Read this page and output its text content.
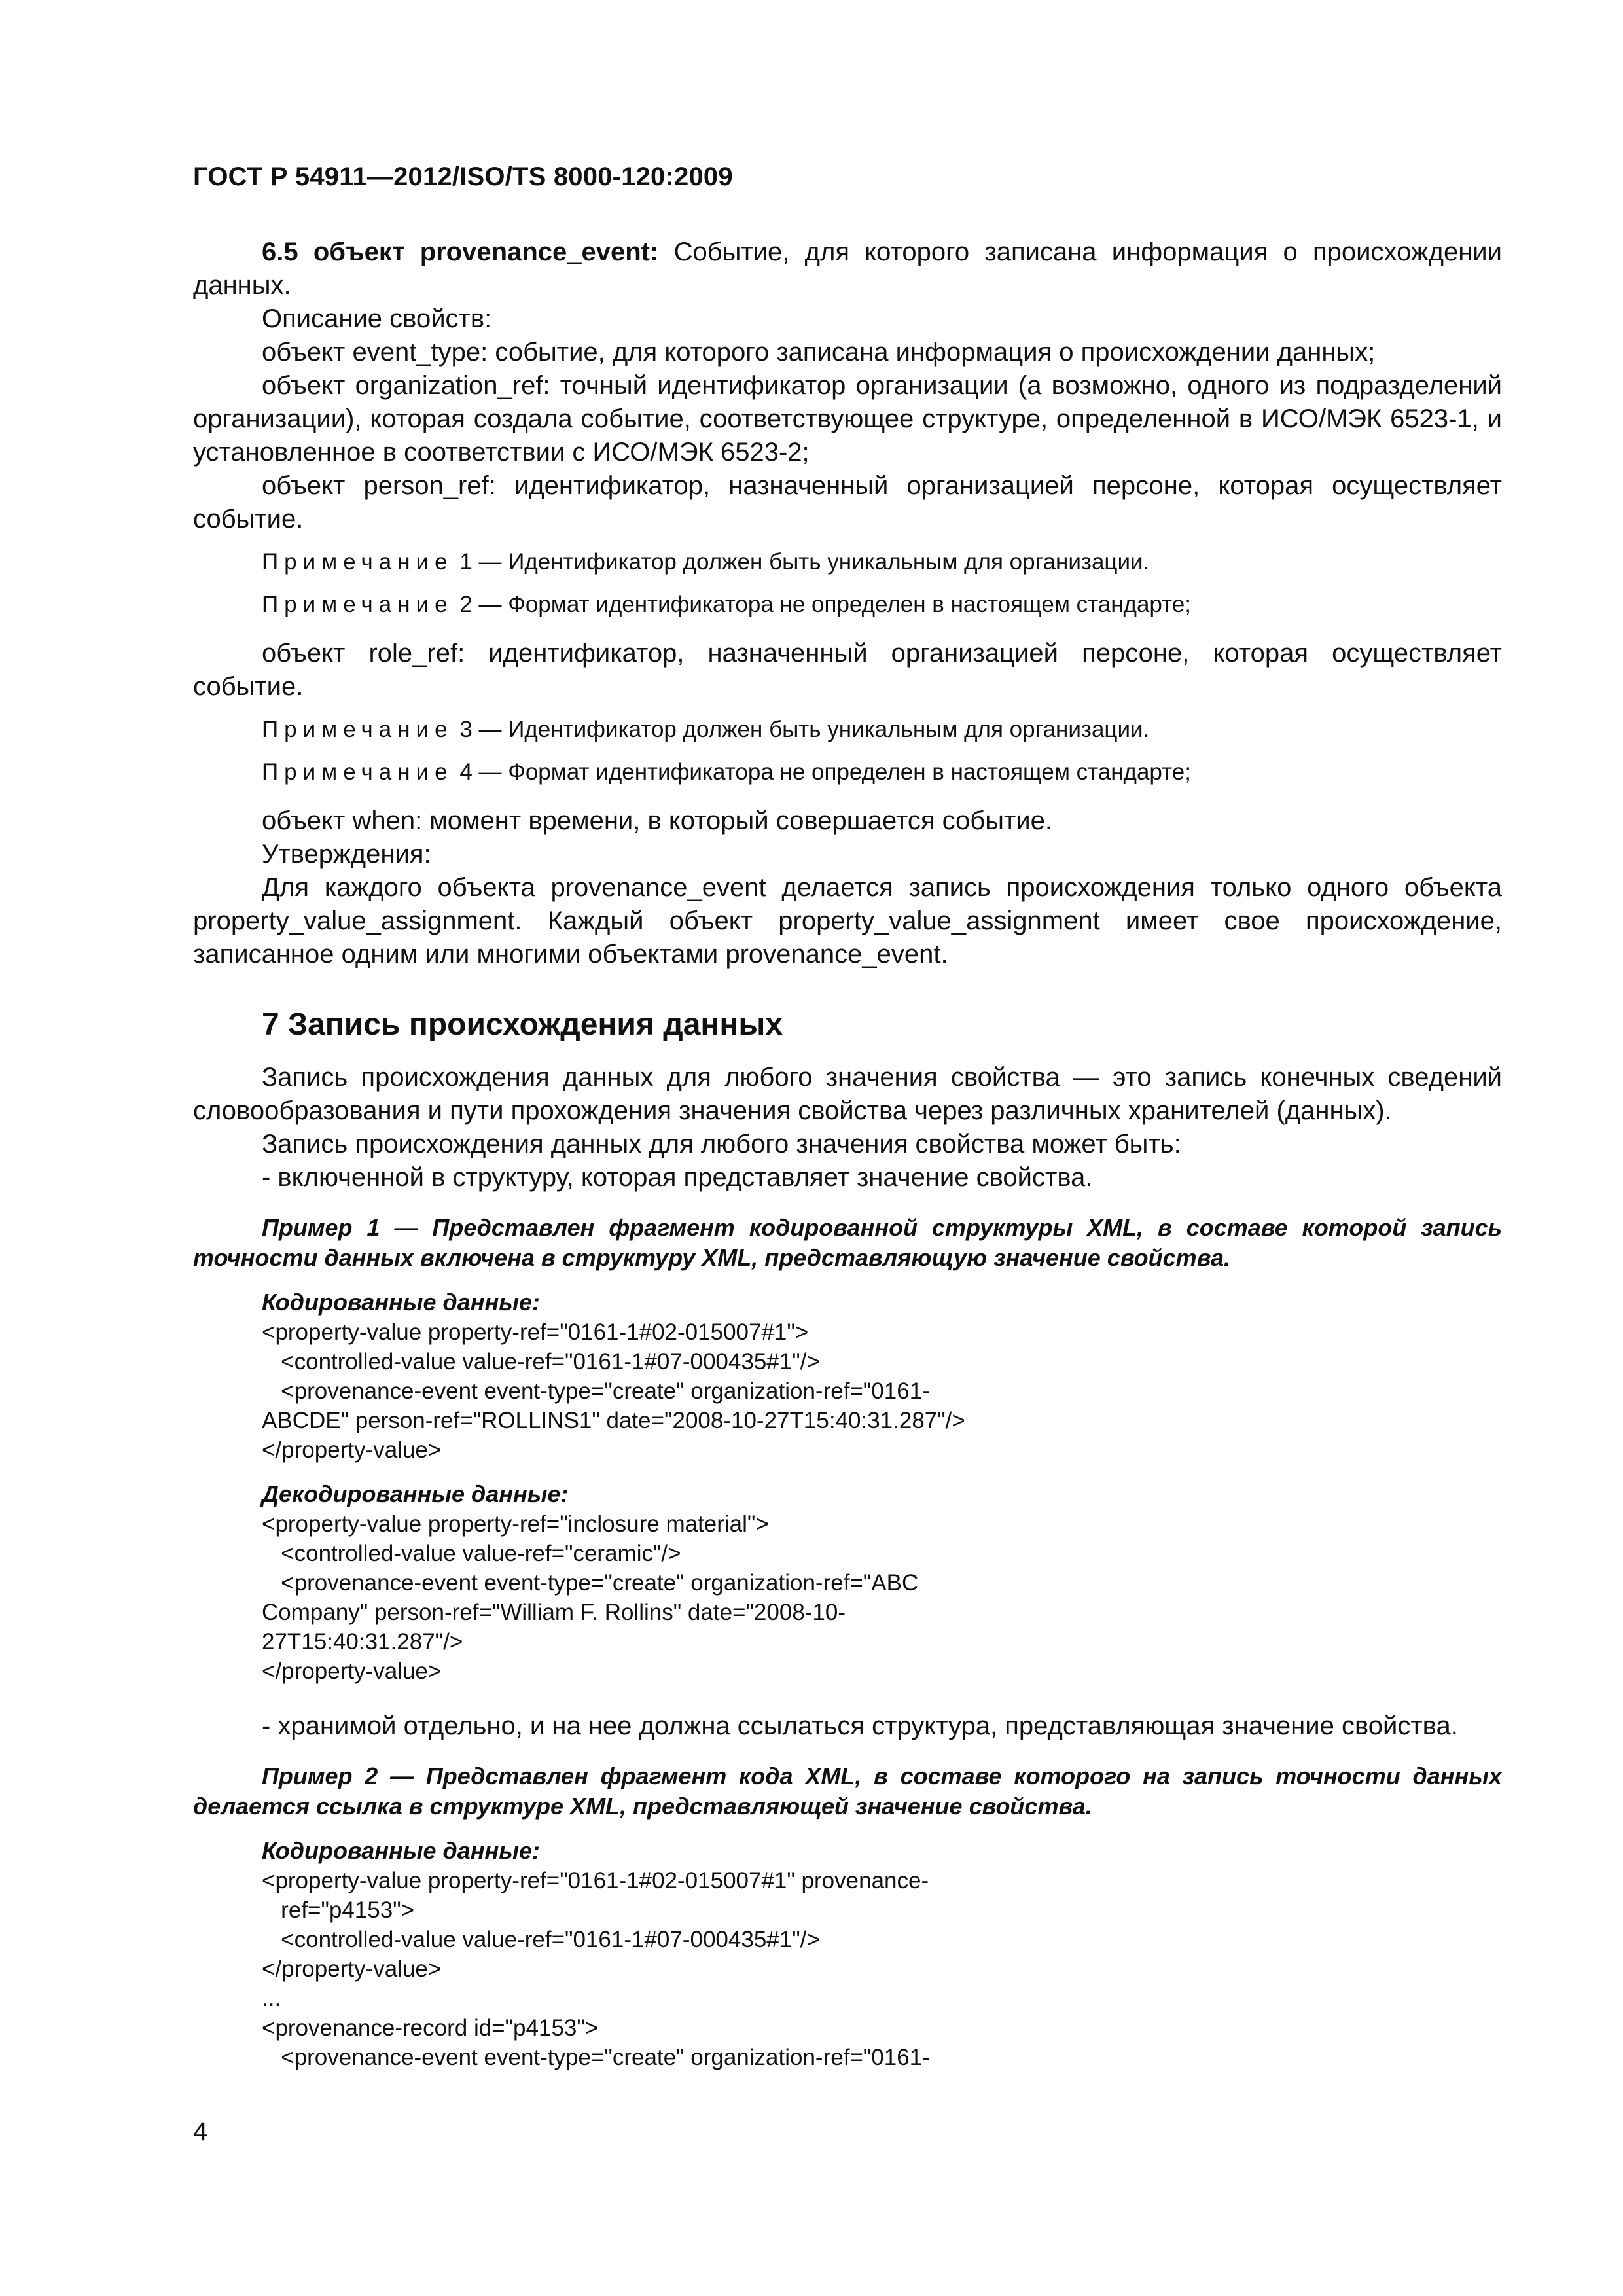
ГОСТ Р 54911—2012/ISO/TS 8000-120:2009

6.5 объект provenance_event: Событие, для которого записана информация о происхождении данных.

Описание свойств:

объект event_type: событие, для которого записана информация о происхождении данных;

объект organization_ref: точный идентификатор организации (а возможно, одного из подразделений организации), которая создала событие, соответствующее структуре, определенной в ИСО/МЭК 6523-1, и установленное в соответствии с ИСО/МЭК 6523-2;

объект person_ref: идентификатор, назначенный организацией персоне, которая осуществляет событие.

Примечание 1 — Идентификатор должен быть уникальным для организации.

Примечание 2 — Формат идентификатора не определен в настоящем стандарте;

объект role_ref: идентификатор, назначенный организацией персоне, которая осуществляет событие.

Примечание 3 — Идентификатор должен быть уникальным для организации.

Примечание 4 — Формат идентификатора не определен в настоящем стандарте;

объект when: момент времени, в который совершается событие.

Утверждения:

Для каждого объекта provenance_event делается запись происхождения только одного объекта property_value_assignment. Каждый объект property_value_assignment имеет свое происхождение, записанное одним или многими объектами provenance_event.

7 Запись происхождения данных

Запись происхождения данных для любого значения свойства — это запись конечных сведений словообразования и пути прохождения значения свойства через различных хранителей (данных).

Запись происхождения данных для любого значения свойства может быть:

- включенной в структуру, которая представляет значение свойства.

Пример 1 — Представлен фрагмент кодированной структуры XML, в составе которой запись точности данных включена в структуру XML, представляющую значение свойства.

Кодированные данные:
<property-value property-ref="0161-1#02-015007#1">
<controlled-value value-ref="0161-1#07-000435#1"/>
<provenance-event event-type="create" organization-ref="0161-
ABCDE" person-ref="ROLLINS1" date="2008-10-27T15:40:31.287"/>
</property-value>
Декодированные данные:
<property-value property-ref="inclosure material">
<controlled-value value-ref="ceramic"/>
<provenance-event event-type="create" organization-ref="ABC
Company" person-ref="William F. Rollins" date="2008-10-
27T15:40:31.287"/>
</property-value>

- хранимой отдельно, и на нее должна ссылаться структура, представляющая значение свойства.

Пример 2 — Представлен фрагмент кода XML, в составе которого на запись точности данных делается ссылка в структуре XML, представляющей значение свойства.

Кодированные данные:
<property-value property-ref="0161-1#02-015007#1" provenance-
ref="p4153">
<controlled-value value-ref="0161-1#07-000435#1"/>
</property-value>
...
<provenance-record id="p4153">
<provenance-event event-type="create" organization-ref="0161-
4
